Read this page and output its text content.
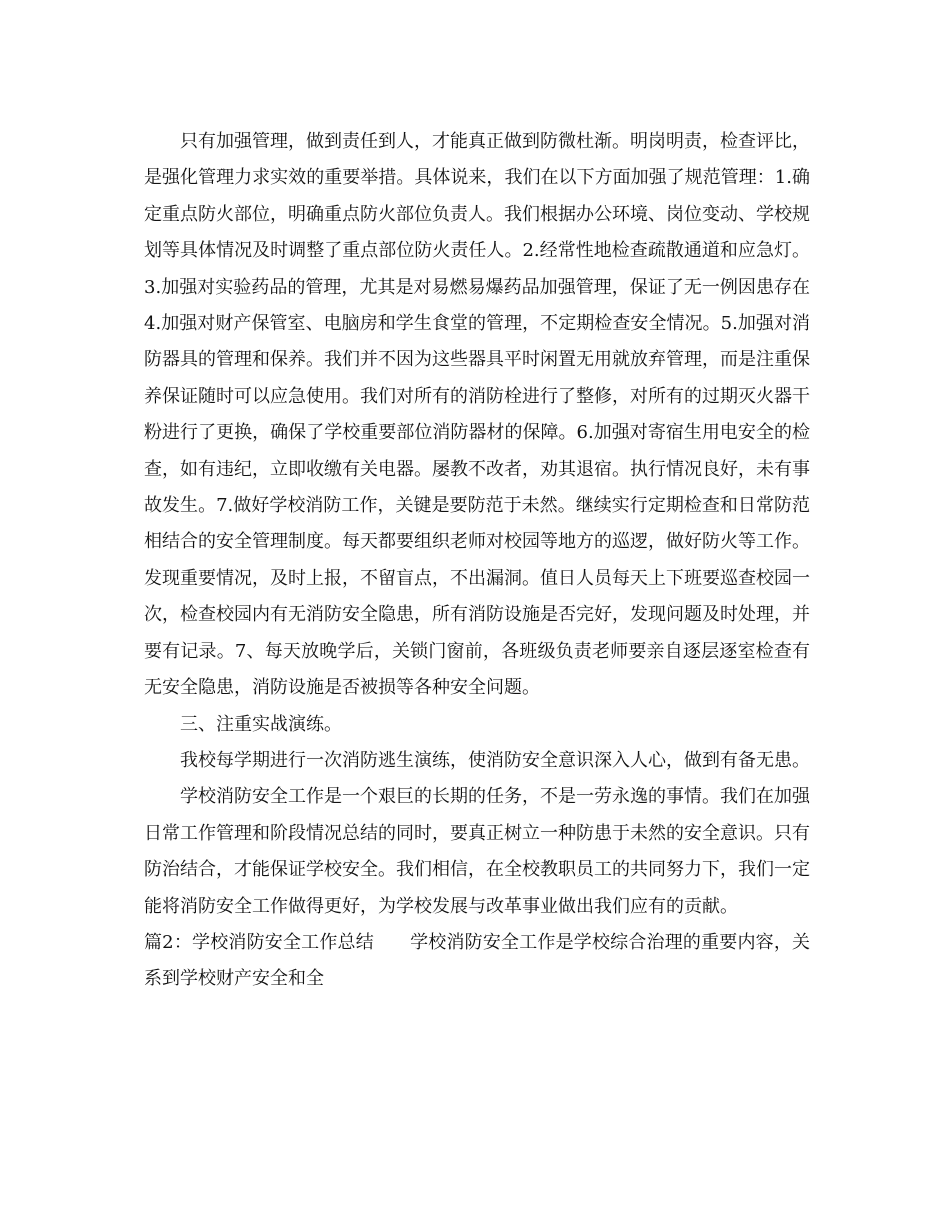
只有加强管理，做到责任到人，才能真正做到防微杜渐。明岗明责，检查评比，是强化管理力求实效的重要举措。具体说来，我们在以下方面加强了规范管理：1.确定重点防火部位，明确重点防火部位负责人。我们根据办公环境、岗位变动、学校规划等具体情况及时调整了重点部位防火责任人。2.经常性地检查疏散通道和应急灯。3.加强对实验药品的管理，尤其是对易燃易爆药品加强管理，保证了无一例因患存在4.加强对财产保管室、电脑房和学生食堂的管理，不定期检查安全情况。5.加强对消防器具的管理和保养。我们并不因为这些器具平时闲置无用就放弃管理，而是注重保养保证随时可以应急使用。我们对所有的消防栓进行了整修，对所有的过期灭火器干粉进行了更换，确保了学校重要部位消防器材的保障。6.加强对寄宿生用电安全的检查，如有违纪，立即收缴有关电器。屡教不改者，劝其退宿。执行情况良好，未有事故发生。7.做好学校消防工作，关键是要防范于未然。继续实行定期检查和日常防范相结合的安全管理制度。每天都要组织老师对校园等地方的巡逻，做好防火等工作。发现重要情况，及时上报，不留盲点，不出漏洞。值日人员每天上下班要巡查校园一次，检查校园内有无消防安全隐患，所有消防设施是否完好，发现问题及时处理，并要有记录。7、每天放晚学后，关锁门窗前，各班级负责老师要亲自逐层逐室检查有无安全隐患，消防设施是否被损等各种安全问题。

三、注重实战演练。

我校每学期进行一次消防逃生演练，使消防安全意识深入人心，做到有备无患。

学校消防安全工作是一个艰巨的长期的任务，不是一劳永逸的事情。我们在加强日常工作管理和阶段情况总结的同时，要真正树立一种防患于未然的安全意识。只有防治结合，才能保证学校安全。我们相信，在全校教职员工的共同努力下，我们一定能将消防安全工作做得更好，为学校发展与改革事业做出我们应有的贡献。

篇2：学校消防安全工作总结 学校消防安全工作是学校综合治理的重要内容，关系到学校财产安全和全
